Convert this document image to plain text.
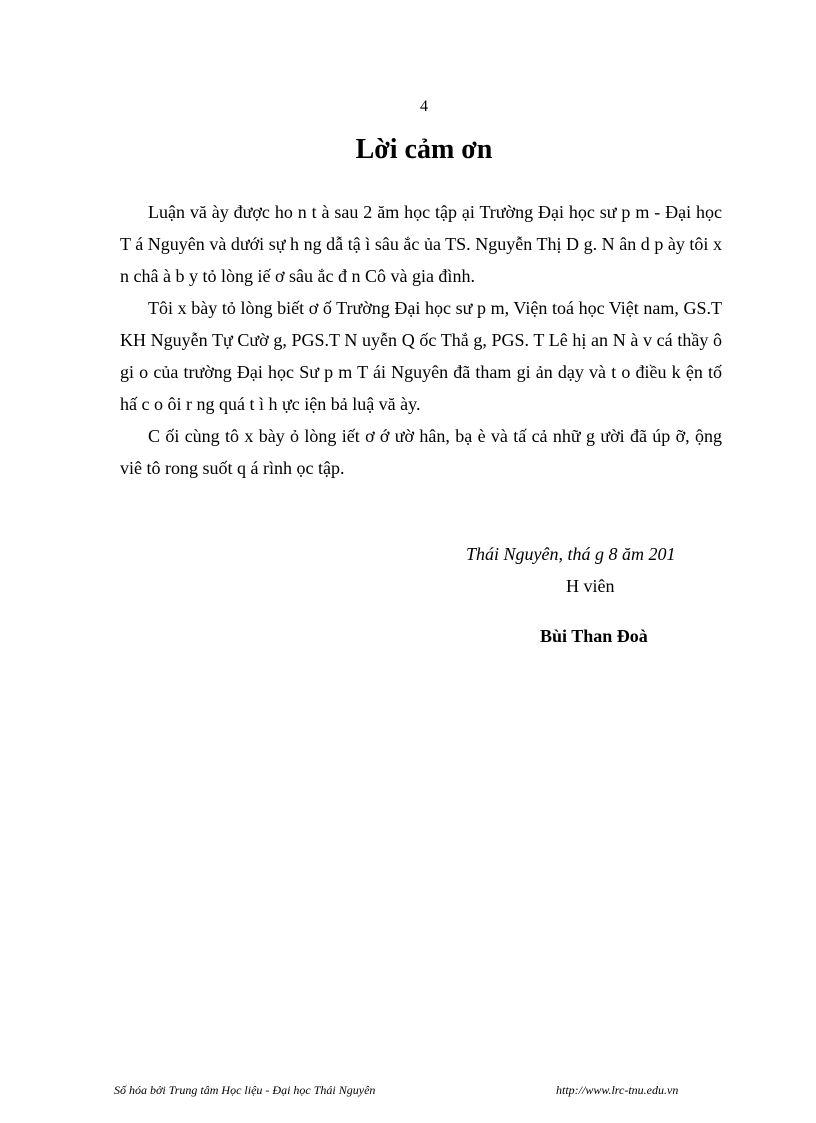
4
Lời cảm ơn

Luận vă ày được ho n t à sau 2 ăm học tập ại Trường Đại học sư p m - Đại học T á Nguyên và dưới sự h ng dẫ tậ ì sâu ắc ủa TS. Nguyễn Thị D g. N ân d p ày tôi x n châ à b y tỏ lòng iế ơ sâu ắc đ n Cô và gia đình.

Tôi x bày tỏ lòng biết ơ ố Trường Đại học sư p m, Viện toá học Việt nam, GS.T KH Nguyễn Tự Cườ g, PGS.T N uyễn Q ốc Thắ g, PGS. T Lê hị an N à v cá thầy ô gi o của trường Đại học Sư p m T ái Nguyên đã tham gi ản dạy và t o điều k ện tố hấ c o ôi r ng quá t ì h ực iện bả luậ vă ày.

C ối cùng tô x bày ỏ lòng iết ơ ớ ườ hân, bạ è và tấ cả nhữ g ười đã úp ỡ, ộng viê tô rong suốt q á rình ọc tập.

Thái Nguyên, thá g 8 ăm 201
H viên
Bùi Than Đoà
Số hóa bởi Trung tâm Học liệu - Đại học Thái Nguyên	http://www.lrc-tnu.edu.vn
